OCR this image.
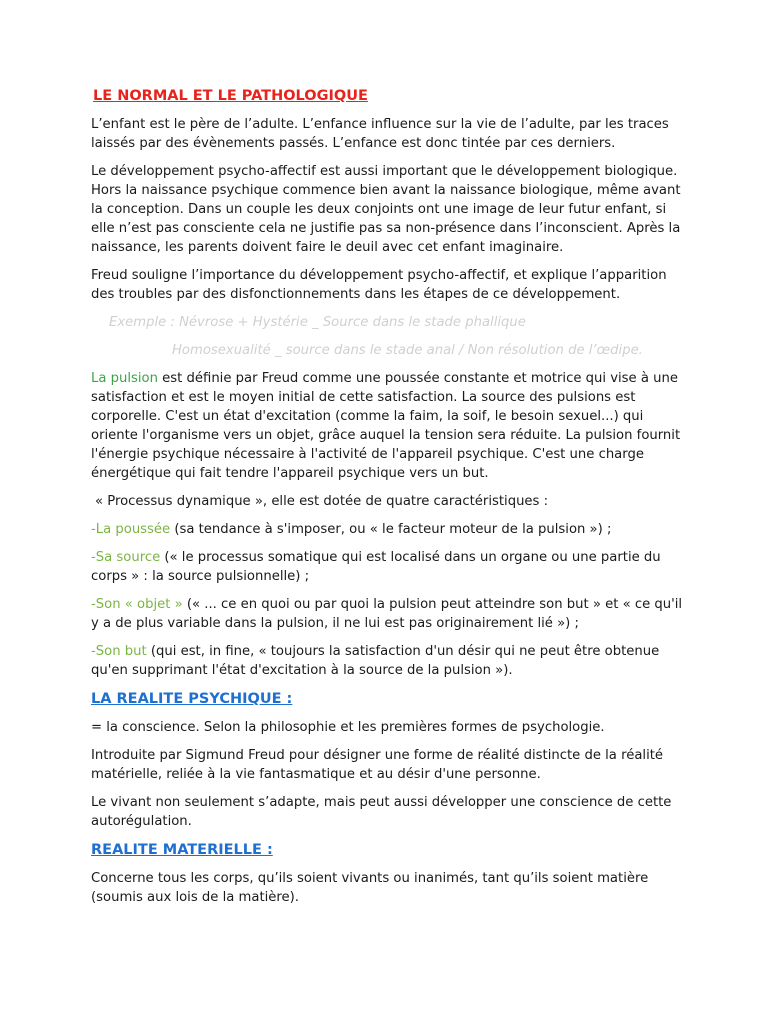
LE NORMAL ET LE PATHOLOGIQUE

L’enfant est le père de l’adulte. L’enfance influence sur la vie de l’adulte, par les traces laissés par des évènements passés. L’enfance est donc tintée par ces derniers.

Le développement psycho-affectif est aussi important que le développement biologique. Hors la naissance psychique commence bien avant la naissance biologique, même avant la conception. Dans un couple les deux conjoints ont une image de leur futur enfant, si elle n’est pas consciente cela ne justifie pas sa non-présence dans l’inconscient. Après la naissance, les parents doivent faire le deuil avec cet enfant imaginaire.

Freud souligne l’importance du développement psycho-affectif, et explique l’apparition des troubles par des disfonctionnements dans les étapes de ce développement.

Exemple : Névrose + Hystérie _ Source dans le stade phallique

Homosexualité _ source dans le stade anal / Non résolution de l’œdipe.

La pulsion est définie par Freud comme une poussée constante et motrice qui vise à une satisfaction et est le moyen initial de cette satisfaction. La source des pulsions est corporelle. C'est un état d'excitation (comme la faim, la soif, le besoin sexuel...) qui oriente l'organisme vers un objet, grâce auquel la tension sera réduite. La pulsion fournit l'énergie psychique nécessaire à l'activité de l'appareil psychique. C'est une charge énergétique qui fait tendre l'appareil psychique vers un but.

« Processus dynamique », elle est dotée de quatre caractéristiques :

-La poussée (sa tendance à s'imposer, ou « le facteur moteur de la pulsion ») ;

-Sa source (« le processus somatique qui est localisé dans un organe ou une partie du corps » : la source pulsionnelle) ;

-Son « objet » (« ... ce en quoi ou par quoi la pulsion peut atteindre son but » et « ce qu'il y a de plus variable dans la pulsion, il ne lui est pas originairement lié ») ;

-Son but (qui est, in fine, « toujours la satisfaction d'un désir qui ne peut être obtenue qu'en supprimant l'état d'excitation à la source de la pulsion »).

LA REALITE PSYCHIQUE :

= la conscience. Selon la philosophie et les premières formes de psychologie.

Introduite par Sigmund Freud pour désigner une forme de réalité distincte de la réalité matérielle, reliée à la vie fantasmatique et au désir d'une personne.

Le vivant non seulement s’adapte, mais peut aussi développer une conscience de cette autorégulation.

REALITE MATERIELLE :

Concerne tous les corps, qu’ils soient vivants ou inanimés, tant qu’ils soient matière (soumis aux lois de la matière).
